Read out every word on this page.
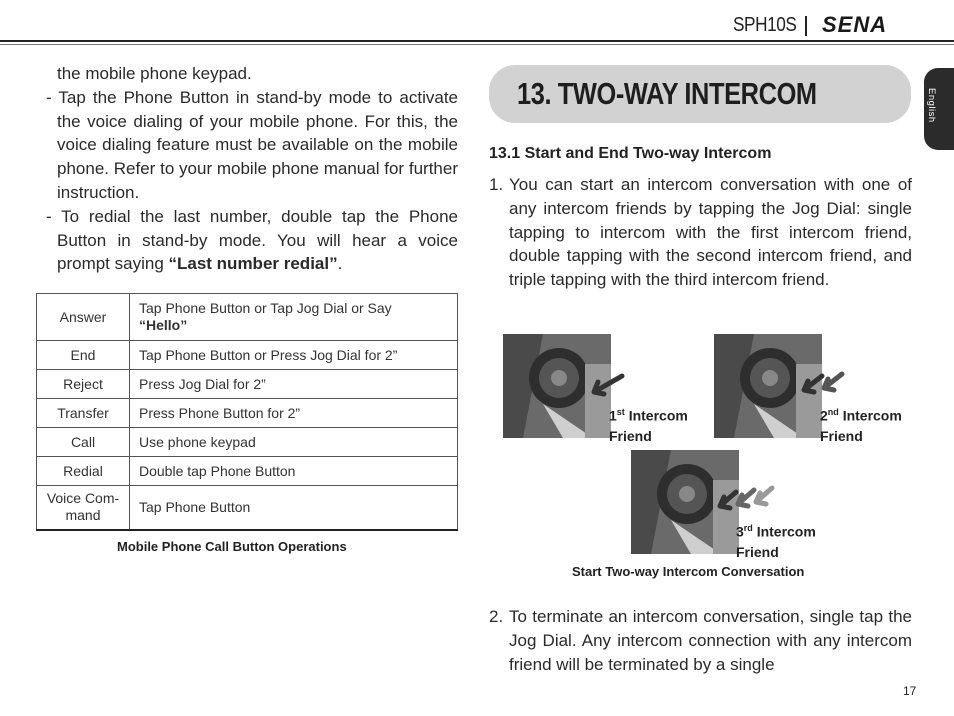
SPH10S SENA
English

the mobile phone keypad.

- Tap the Phone Button in stand-by mode to activate the voice dialing of your mobile phone. For this, the voice dialing feature must be available on the mobile phone. Refer to your mobile phone manual for further instruction.

- To redial the last number, double tap the Phone Button in stand-by mode. You will hear a voice prompt saying “Last number redial”.

Answer	Tap Phone Button or Tap Jog Dial or Say
“Hello”
End	Tap Phone Button or Press Jog Dial for 2”
Reject	Press Jog Dial for 2”
Transfer	Press Phone Button for 2”
Call	Use phone keypad
Redial	Double tap Phone Button
Voice Com-
mand	Tap Phone Button
Mobile Phone Call Button Operations
13. TWO-WAY INTERCOM
13.1 Start and End Two-way Intercom

1. You can start an intercom conversation with one of any intercom friends by tapping the Jog Dial: single tapping to intercom with the first intercom friend, double tapping with the second intercom friend, and triple tapping with the third intercom friend.

1st Intercom
Friend
2nd Intercom
Friend
3rd Intercom
Friend
Start Two-way Intercom Conversation

2. To terminate an intercom conversation, single tap the Jog Dial. Any intercom connection with any intercom friend will be terminated by a single

17
